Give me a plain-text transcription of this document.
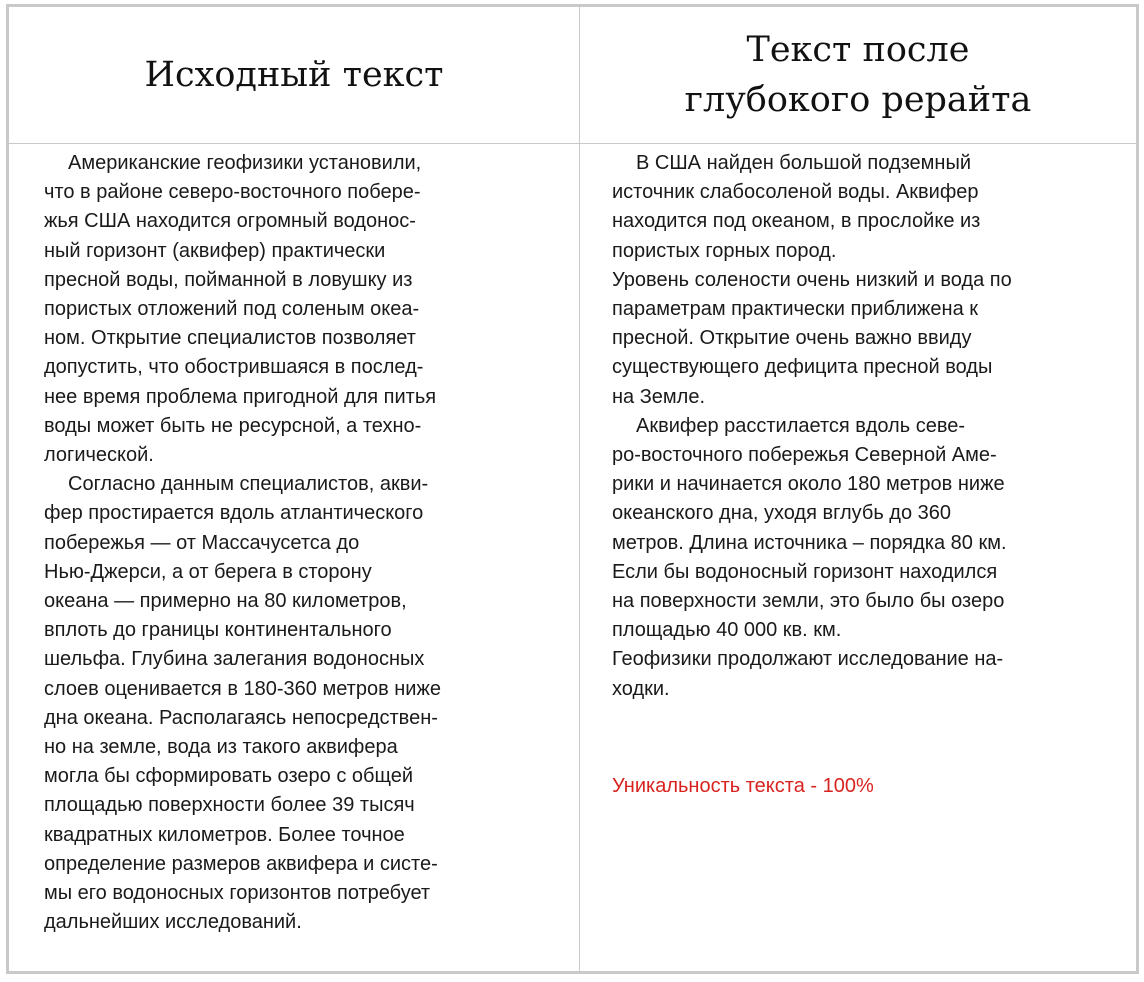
Исходный текст
Текст после
глубокого рерайта
Американские геофизики установили,
что в районе северо-восточного побере-
жья США находится огромный водонос-
ный горизонт (аквифер) практически
пресной воды, пойманной в ловушку из
пористых отложений под соленым океа-
ном. Открытие специалистов позволяет
допустить, что обострившаяся в послед-
нее время проблема пригодной для питья
воды может быть не ресурсной, а техно-
логической.
Согласно данным специалистов, акви-
фер простирается вдоль атлантического
побережья — от Массачусетса до
Нью-Джерси, а от берега в сторону
океана — примерно на 80 километров,
вплоть до границы континентального
шельфа. Глубина залегания водоносных
слоев оценивается в 180-360 метров ниже
дна океана. Располагаясь непосредствен-
но на земле, вода из такого аквифера
могла бы сформировать озеро с общей
площадью поверхности более 39 тысяч
квадратных километров. Более точное
определение размеров аквифера и систе-
мы его водоносных горизонтов потребует
дальнейших исследований.
В США найден большой подземный
источник слабосоленой воды. Аквифер
находится под океаном, в прослойке из
пористых горных пород.
Уровень солености очень низкий и вода по
параметрам практически приближена к
пресной. Открытие очень важно ввиду
существующего дефицита пресной воды
на Земле.
Аквифер расстилается вдоль севе-
ро-восточного побережья Северной Аме-
рики и начинается около 180 метров ниже
океанского дна, уходя вглубь до 360
метров. Длина источника – порядка 80 км.
Если бы водоносный горизонт находился
на поверхности земли, это было бы озеро
площадью 40 000 кв. км.
Геофизики продолжают исследование на-
ходки.
Уникальность текста - 100%
